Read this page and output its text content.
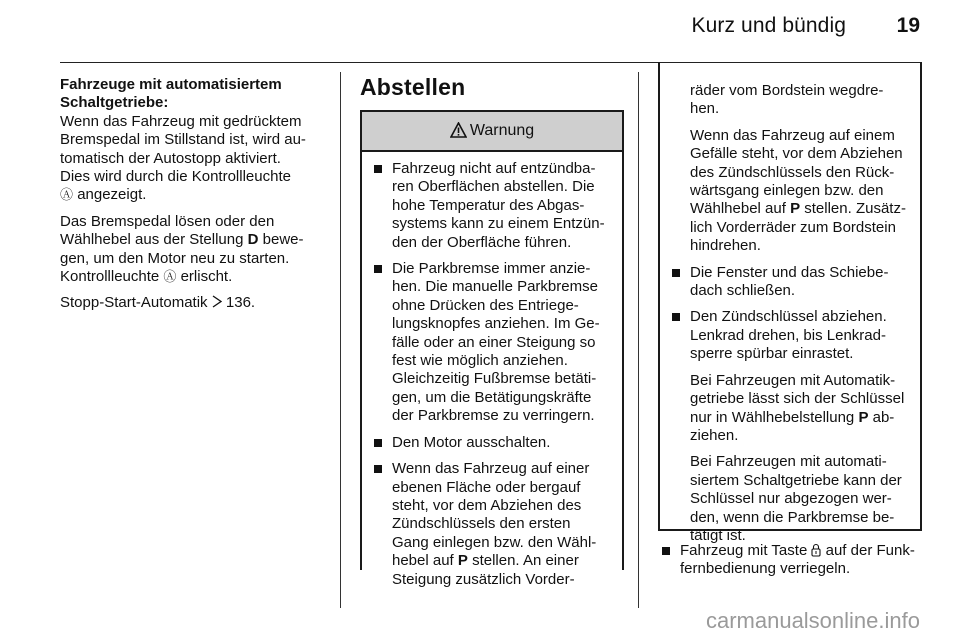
Kurz und bündig	19
Fahrzeuge mit automatisiertem
Schaltgetriebe:

Wenn das Fahrzeug mit gedrücktem
Bremspedal im Stillstand ist, wird au-
tomatisch der Autostopp aktiviert.
Dies wird durch die Kontrollleuchte
Ⓐ angezeigt.

Das Bremspedal lösen oder den
Wählhebel aus der Stellung D bewe-
gen, um den Motor neu zu starten.
Kontrollleuchte Ⓐ erlischt.

Stopp-Start-Automatik  136.

Abstellen
Warnung
Fahrzeug nicht auf entzündba-
ren Oberflächen abstellen. Die
hohe Temperatur des Abgas-
systems kann zu einem Entzün-
den der Oberfläche führen.
Die Parkbremse immer anzie-
hen. Die manuelle Parkbremse
ohne Drücken des Entriege-
lungsknopfes anziehen. Im Ge-
fälle oder an einer Steigung so
fest wie möglich anziehen.
Gleichzeitig Fußbremse betäti-
gen, um die Betätigungskräfte
der Parkbremse zu verringern.
Den Motor ausschalten.
Wenn das Fahrzeug auf einer
ebenen Fläche oder bergauf
steht, vor dem Abziehen des
Zündschlüssels den ersten
Gang einlegen bzw. den Wähl-
hebel auf P stellen. An einer
Steigung zusätzlich Vorder-
räder vom Bordstein wegdre-
hen.
Wenn das Fahrzeug auf einem
Gefälle steht, vor dem Abziehen
des Zündschlüssels den Rück-
wärtsgang einlegen bzw. den
Wählhebel auf P stellen. Zusätz-
lich Vorderräder zum Bordstein
hindrehen.
Die Fenster und das Schiebe-
dach schließen.
Den Zündschlüssel abziehen.
Lenkrad drehen, bis Lenkrad-
sperre spürbar einrastet.
Bei Fahrzeugen mit Automatik-
getriebe lässt sich der Schlüssel
nur in Wählhebelstellung P ab-
ziehen.
Bei Fahrzeugen mit automati-
siertem Schaltgetriebe kann der
Schlüssel nur abgezogen wer-
den, wenn die Parkbremse be-
tätigt ist.
Fahrzeug mit Taste  auf der Funk-
fernbedienung verriegeln.
carmanualsonline.info
